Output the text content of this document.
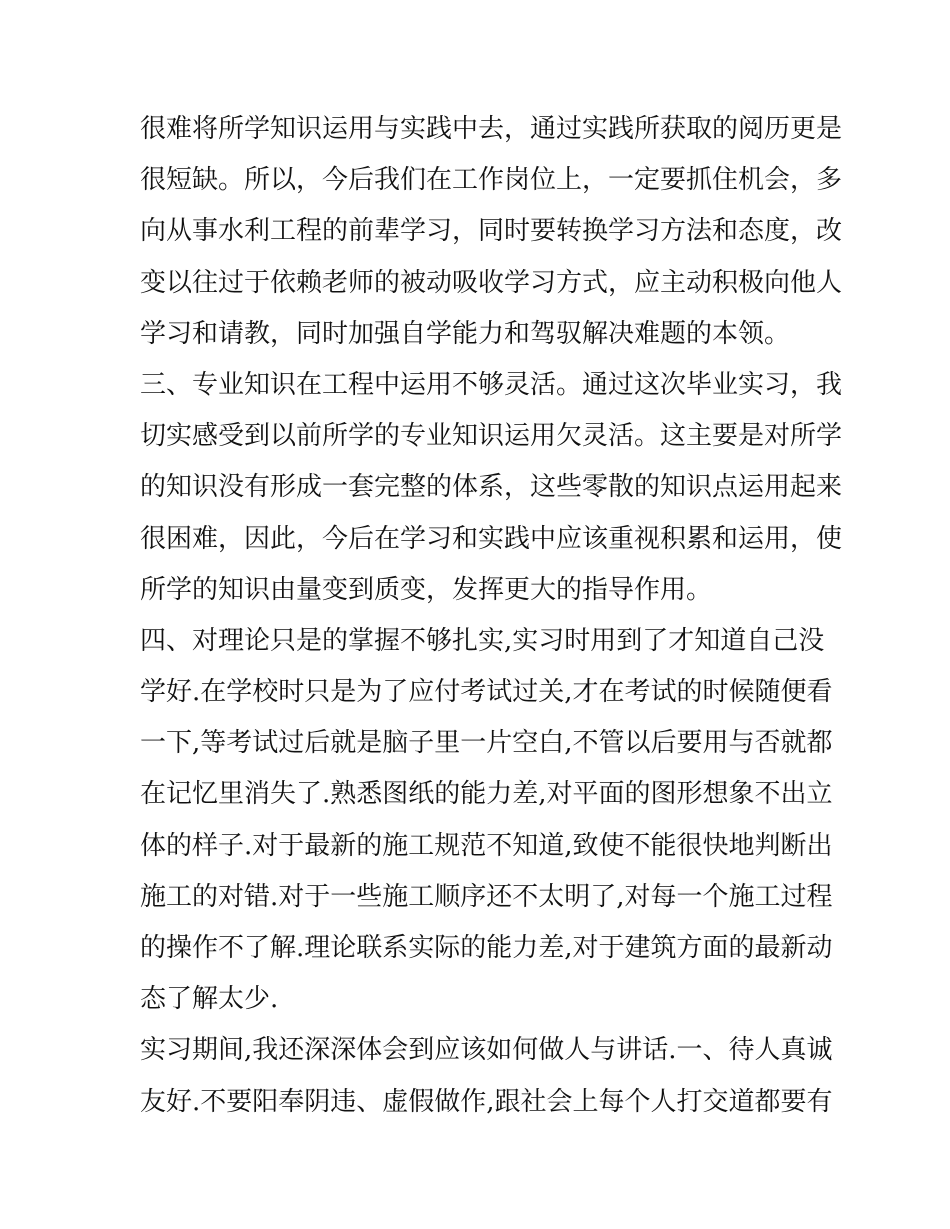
很难将所学知识运用与实践中去，通过实践所获取的阅历更是
很短缺。所以，今后我们在工作岗位上，一定要抓住机会，多
向从事水利工程的前辈学习，同时要转换学习方法和态度，改
变以往过于依赖老师的被动吸收学习方式，应主动积极向他人
学习和请教，同时加强自学能力和驾驭解决难题的本领。
三、专业知识在工程中运用不够灵活。通过这次毕业实习，我
切实感受到以前所学的专业知识运用欠灵活。这主要是对所学
的知识没有形成一套完整的体系，这些零散的知识点运用起来
很困难，因此，今后在学习和实践中应该重视积累和运用，使
所学的知识由量变到质变，发挥更大的指导作用。
四、对理论只是的掌握不够扎实,实习时用到了才知道自己没
学好.在学校时只是为了应付考试过关,才在考试的时候随便看
一下,等考试过后就是脑子里一片空白,不管以后要用与否就都
在记忆里消失了.熟悉图纸的能力差,对平面的图形想象不出立
体的样子.对于最新的施工规范不知道,致使不能很快地判断出
施工的对错.对于一些施工顺序还不太明了,对每一个施工过程
的操作不了解.理论联系实际的能力差,对于建筑方面的最新动
态了解太少.
实习期间,我还深深体会到应该如何做人与讲话.一、待人真诚
友好.不要阳奉阴违、虚假做作,跟社会上每个人打交道都要有
